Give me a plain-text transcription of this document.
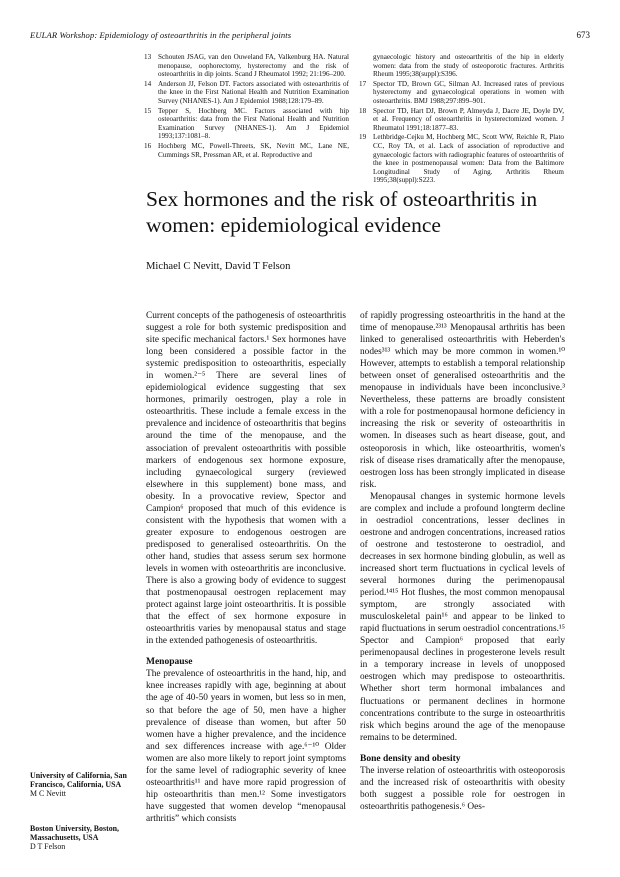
EULAR Workshop: Epidemiology of osteoarthritis in the peripheral joints	673
13 Schouten JSAG, van den Ouweland FA, Valkenburg HA. Natural menopause, oophorectomy, hysterectomy and the risk of osteoarthritis in dip joints. Scand J Rheumatol 1992; 21:196–200.
14 Anderson JJ, Felson DT. Factors associated with osteoarthritis of the knee in the First National Health and Nutrition Examination Survey (NHANES-1). Am J Epidemiol 1988;128:179–89.
15 Tepper S, Hochberg MC. Factors associated with hip osteoarthritis: data from the First National Health and Nutrition Examination Survey (NHANES-1). Am J Epidemiol 1993;137:1081–8.
16 Hochberg MC, Powell-Threets, SK, Nevitt MC, Lane NE, Cummings SR, Pressman AR, et al. Reproductive and
gynaecologic history and osteoarthritis of the hip in elderly women: data from the study of osteoporotic fractures. Arthritis Rheum 1995;38(suppl):S396.
17 Spector TD, Brown GC, Silman AJ. Increased rates of previous hysterectomy and gynaecological operations in women with osteoarthritis. BMJ 1988;297:899–901.
18 Spector TD, Hart DJ, Brown P, Almeyda J, Dacre JE, Doyle DV, et al. Frequency of osteoarthritis in hysterectomized women. J Rheumatol 1991;18:1877–83.
19 Lethbridge-Cejku M, Hochberg MC, Scott WW, Reichle R, Plato CC, Roy TA, et al. Lack of association of reproductive and gynaecologic factors with radiographic features of osteoarthritis of the knee in postmenopausal women: Data from the Baltimore Longitudinal Study of Aging. Arthritis Rheum 1995;38(suppl):S223.
Sex hormones and the risk of osteoarthritis in women: epidemiological evidence
Michael C Nevitt, David T Felson

Current concepts of the pathogenesis of osteoarthritis suggest a role for both systemic predisposition and site specific mechanical factors.¹ Sex hormones have long been considered a possible factor in the systemic predisposition to osteoarthritis, especially in women.²⁻⁵ There are several lines of epidemiological evidence suggesting that sex hormones, primarily oestrogen, play a role in osteoarthritis. These include a female excess in the prevalence and incidence of osteoarthritis that begins around the time of the menopause, and the association of prevalent osteoarthritis with possible markers of endogenous sex hormone exposure, including gynaecological surgery (reviewed elsewhere in this supplement) bone mass, and obesity. In a provocative review, Spector and Campion⁶ proposed that much of this evidence is consistent with the hypothesis that women with a greater exposure to endogenous oestrogen are predisposed to generalised osteoarthritis. On the other hand, studies that assess serum sex hormone levels in women with osteoarthritis are inconclusive. There is also a growing body of evidence to suggest that postmenopausal oestrogen replacement may protect against large joint osteoarthritis. It is possible that the effect of sex hormone exposure in osteoarthritis varies by menopausal status and stage in the extended pathogenesis of osteoarthritis.

Menopause

The prevalence of osteoarthritis in the hand, hip, and knee increases rapidly with age, beginning at about the age of 40-50 years in women, but less so in men, so that before the age of 50, men have a higher prevalence of disease than women, but after 50 women have a higher prevalence, and the incidence and sex differences increase with age.⁶⁻¹⁰ Older women are also more likely to report joint symptoms for the same level of radiographic severity of knee osteoarthritis¹¹ and have more rapid progression of hip osteoarthritis than men.¹² Some investigators have suggested that women develop “menopausal arthritis” which consists

of rapidly progressing osteoarthritis in the hand at the time of menopause.²³¹³ Menopausal arthritis has been linked to generalised osteoarthritis with Heberden's nodes³¹³ which may be more common in women.¹⁰ However, attempts to establish a temporal relationship between onset of generalised osteoarthritis and the menopause in individuals have been inconclusive.³ Nevertheless, these patterns are broadly consistent with a role for postmenopausal hormone deficiency in increasing the risk or severity of osteoarthritis in women. In diseases such as heart disease, gout, and osteoporosis in which, like osteoarthritis, women's risk of disease rises dramatically after the menopause, oestrogen loss has been strongly implicated in disease risk.

Menopausal changes in systemic hormone levels are complex and include a profound longterm decline in oestradiol concentrations, lesser declines in oestrone and androgen concentrations, increased ratios of oestrone and testosterone to oestradiol, and decreases in sex hormone binding globulin, as well as increased short term fluctuations in cyclical levels of several hormones during the perimenopausal period.¹⁴¹⁵ Hot flushes, the most common menopausal symptom, are strongly associated with musculoskeletal pain¹⁶ and appear to be linked to rapid fluctuations in serum oestradiol concentrations.¹⁵ Spector and Campion⁶ proposed that early perimenopausal declines in progesterone levels result in a temporary increase in levels of unopposed oestrogen which may predispose to osteoarthritis. Whether short term hormonal imbalances and fluctuations or permanent declines in hormone concentrations contribute to the surge in osteoarthritis risk which begins around the age of the menopause remains to be determined.

Bone density and obesity

The inverse relation of osteoarthritis with osteoporosis and the increased risk of osteoarthritis with obesity both suggest a possible role for oestrogen in osteoarthritis pathogenesis.⁶ Oes-

University of California, San Francisco, California, USA
M C Nevitt
Boston University, Boston, Massachusetts, USA
D T Felson
